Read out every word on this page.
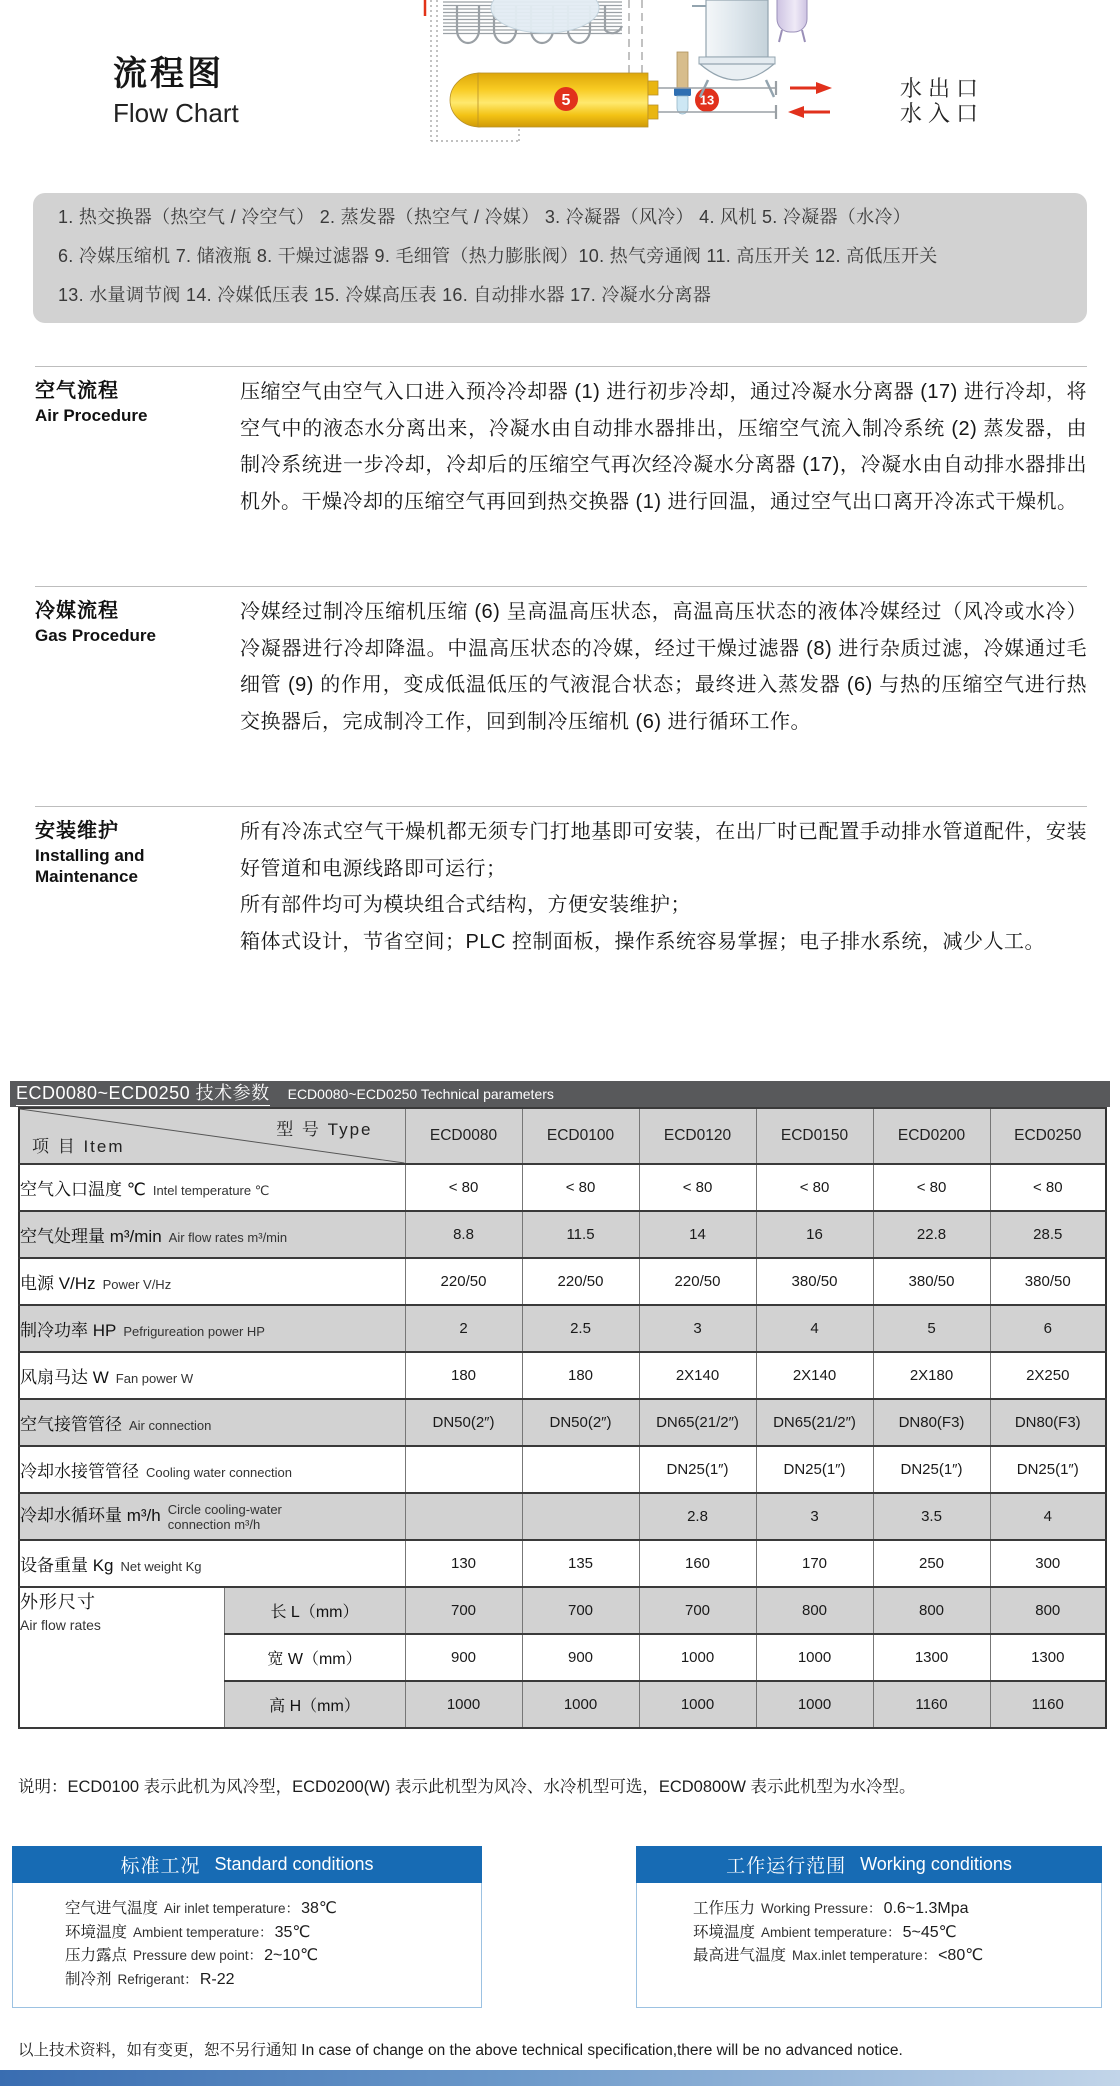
5	13	水出口
水入口
流程图
Flow Chart
1. 热交换器（热空气 / 冷空气） 2. 蒸发器（热空气 / 冷媒） 3. 冷凝器（风冷） 4. 风机 5. 冷凝器（水冷）
6. 冷媒压缩机 7. 储液瓶 8. 干燥过滤器 9. 毛细管（热力膨胀阀）10. 热气旁通阀 11. 高压开关 12. 高低压开关
13. 水量调节阀 14. 冷媒低压表 15. 冷媒高压表 16. 自动排水器 17. 冷凝水分离器
空气流程
Air Procedure

压缩空气由空气入口进入预冷冷却器 (1) 进行初步冷却，通过冷凝水分离器 (17) 进行冷却，将空气中的液态水分离出来，冷凝水由自动排水器排出，压缩空气流入制冷系统 (2) 蒸发器，由制冷系统进一步冷却，冷却后的压缩空气再次经冷凝水分离器 (17)，冷凝水由自动排水器排出机外。干燥冷却的压缩空气再回到热交换器 (1) 进行回温，通过空气出口离开冷冻式干燥机。

冷媒流程
Gas Procedure

冷媒经过制冷压缩机压缩 (6) 呈高温高压状态，高温高压状态的液体冷媒经过（风冷或水冷）冷凝器进行冷却降温。中温高压状态的冷媒，经过干燥过滤器 (8) 进行杂质过滤，冷媒通过毛细管 (9) 的作用，变成低温低压的气液混合状态；最终进入蒸发器 (6) 与热的压缩空气进行热交换器后，完成制冷工作，回到制冷压缩机 (6) 进行循环工作。

安装维护
Installing and Maintenance

所有冷冻式空气干燥机都无须专门打地基即可安装，在出厂时已配置手动排水管道配件，安装好管道和电源线路即可运行；

所有部件均可为模块组合式结构，方便安装维护；

箱体式设计，节省空间；PLC 控制面板，操作系统容易掌握；电子排水系统，减少人工。

ECD0080~ECD0250 技术参数 ECD0080~ECD0250 Technical parameters
型 号 Type
项 目 Item		ECD0080	ECD0100	ECD0120	ECD0150	ECD0200	ECD0250
空气入口温度 ℃ Intel temperature ℃		< 80	< 80	< 80	< 80	< 80	< 80
空气处理量 m³/min Air flow rates m³/min		8.8	11.5	14	16	22.8	28.5
电源 V/Hz Power V/Hz		220/50	220/50	220/50	380/50	380/50	380/50
制冷功率 HP Pefrigureation power HP		2	2.5	3	4	5	6
风扇马达 W Fan power W		180	180	2X140	2X140	2X180	2X250
空气接管管径 Air connection		DN50(2″)	DN50(2″)	DN65(21/2″)	DN65(21/2″)	DN80(F3)	DN80(F3)
冷却水接管管径 Cooling water connection				DN25(1″)	DN25(1″)	DN25(1″)	DN25(1″)
冷却水循环量 m³/h Circle cooling-water connection m³/h				2.8	3	3.5	4
设备重量 Kg Net weight Kg		130	135	160	170	250	300

外形尺寸
Air flow rates	长 L（mm）	700	700	700	800	800	800
	宽 W（mm）	900	900	1000	1000	1300	1300
	高 H（mm）	1000	1000	1000	1000	1160	1160
说明：ECD0100 表示此机为风冷型，ECD0200(W) 表示此机型为风冷、水冷机型可选，ECD0800W 表示此机型为水冷型。
标准工况 Standard conditions
空气进气温度 Air inlet temperature： 38℃
环境温度 Ambient temperature： 35℃
压力露点 Pressure dew point： 2~10℃
制冷剂 Refrigerant： R-22
工作运行范围 Working conditions
工作压力 Working Pressure： 0.6~1.3Mpa
环境温度 Ambient temperature： 5~45℃
最高进气温度 Max.inlet temperature： <80℃
以上技术资料，如有变更，恕不另行通知 In case of change on the above technical specification,there will be no advanced notice.
